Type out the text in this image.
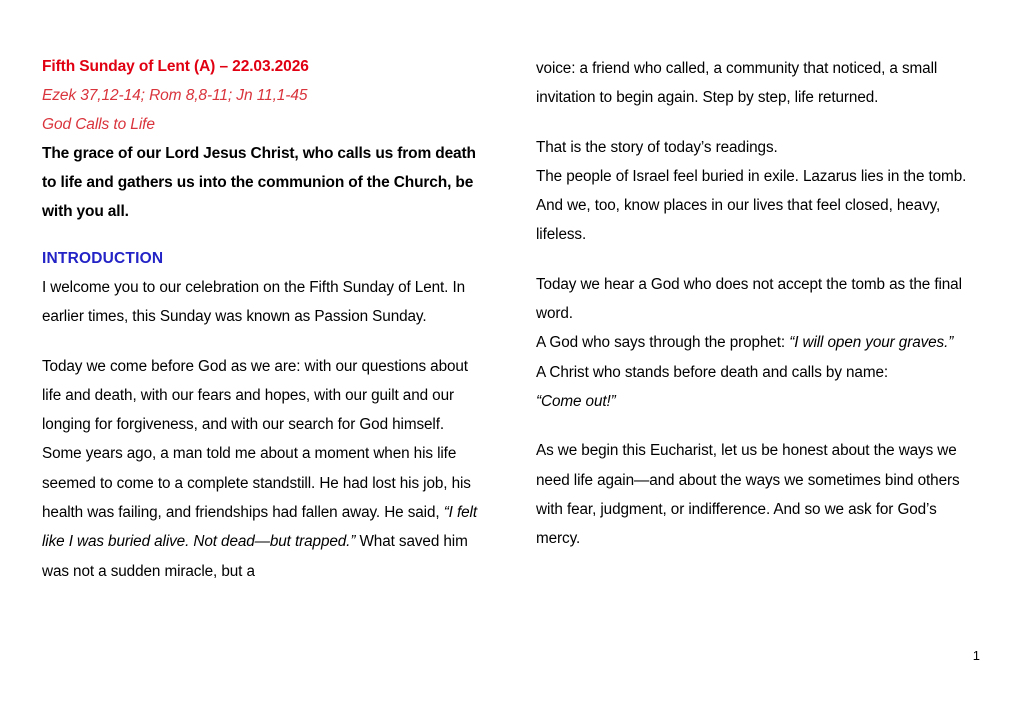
Fifth Sunday of Lent (A) – 22.03.2026
Ezek 37,12-14; Rom 8,8-11; Jn 11,1-45
God Calls to Life

The grace of our Lord Jesus Christ, who calls us from death to life and gathers us into the communion of the Church, be with you all.

INTRODUCTION

I welcome you to our celebration on the Fifth Sunday of Lent. In earlier times, this Sunday was known as Passion Sunday.

Today we come before God as we are: with our questions about life and death, with our fears and hopes, with our guilt and our longing for forgiveness, and with our search for God himself.

Some years ago, a man told me about a moment when his life seemed to come to a complete standstill. He had lost his job, his health was failing, and friendships had fallen away. He said, “I felt like I was buried alive. Not dead—but trapped.” What saved him was not a sudden miracle, but a

voice: a friend who called, a community that noticed, a small invitation to begin again. Step by step, life returned.

That is the story of today’s readings.
The people of Israel feel buried in exile. Lazarus lies in the tomb. And we, too, know places in our lives that feel closed, heavy, lifeless.

Today we hear a God who does not accept the tomb as the final word.
A God who says through the prophet: “I will open your graves.”
A Christ who stands before death and calls by name:
“Come out!”

As we begin this Eucharist, let us be honest about the ways we need life again—and about the ways we sometimes bind others with fear, judgment, or indifference. And so we ask for God’s mercy.

1
